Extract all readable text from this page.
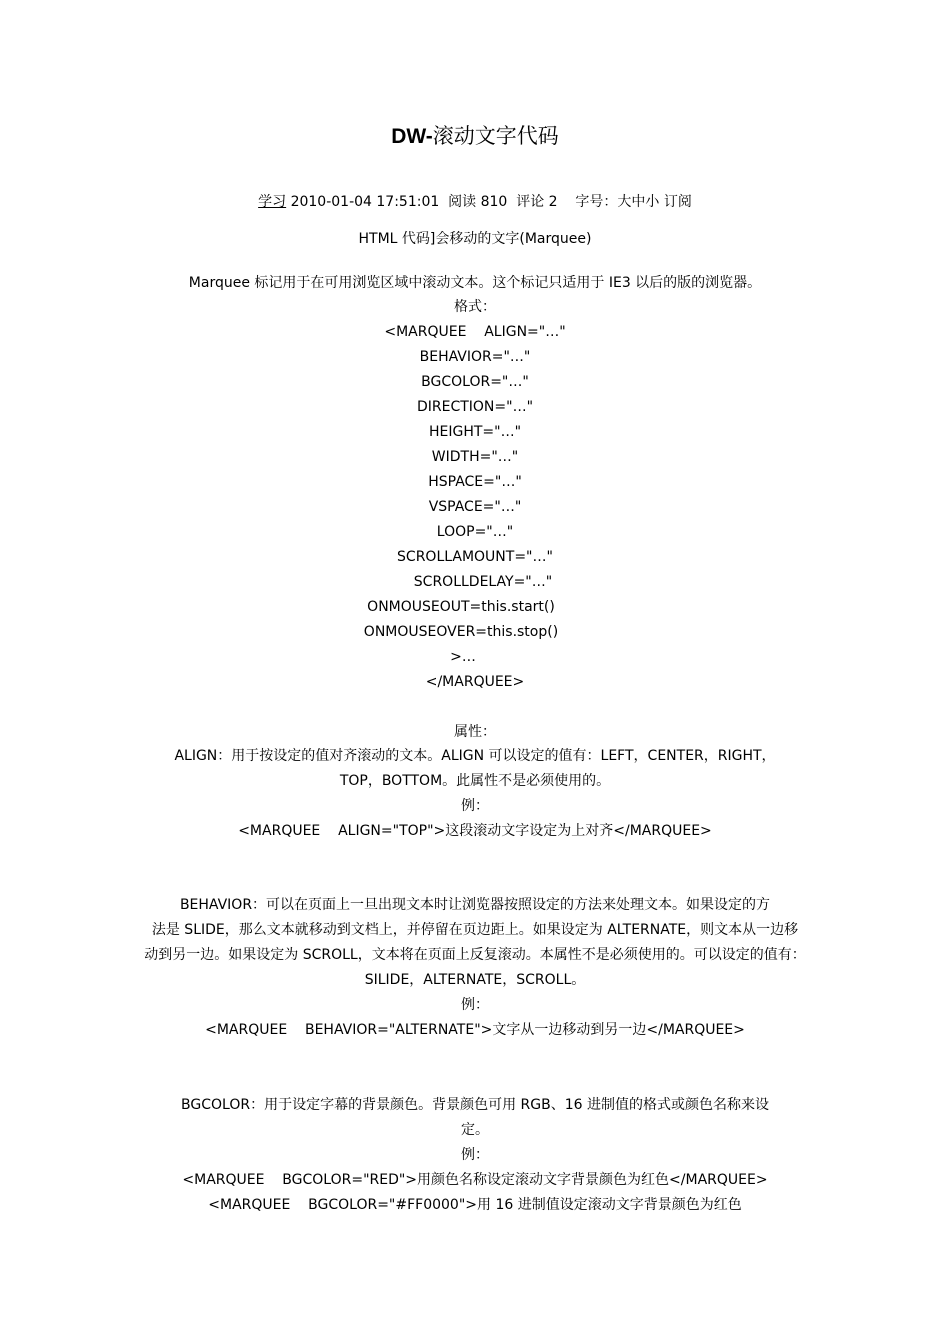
DW-滚动文字代码
学习 2010-01-04 17:51:01  阅读 810  评论 2    字号：大中小 订阅
HTML 代码]会移动的文字(Marquee)
Marquee 标记用于在可用浏览区域中滚动文本。这个标记只适用于 IE3 以后的版的浏览器。
格式：
<MARQUEE    ALIGN="…"
BEHAVIOR="…"
BGCOLOR="…"
DIRECTION="…"
HEIGHT="…"
WIDTH="…"
HSPACE="…"
VSPACE="…"
LOOP="…"
SCROLLAMOUNT="…"
SCROLLDELAY="…"
ONMOUSEOUT=this.start()
ONMOUSEOVER=this.stop()
>…
</MARQUEE>
属性：
ALIGN：用于按设定的值对齐滚动的文本。ALIGN 可以设定的值有：LEFT，CENTER，RIGHT，
TOP，BOTTOM。此属性不是必须使用的。
例：
<MARQUEE    ALIGN="TOP">这段滚动文字设定为上对齐</MARQUEE>
BEHAVIOR：可以在页面上一旦出现文本时让浏览器按照设定的方法来处理文本。如果设定的方
法是 SLIDE，那么文本就移动到文档上，并停留在页边距上。如果设定为 ALTERNATE，则文本从一边移
动到另一边。如果设定为 SCROLL，文本将在页面上反复滚动。本属性不是必须使用的。可以设定的值有：
SILIDE，ALTERNATE，SCROLL。
例：
<MARQUEE    BEHAVIOR="ALTERNATE">文字从一边移动到另一边</MARQUEE>
BGCOLOR：用于设定字幕的背景颜色。背景颜色可用 RGB、16 进制值的格式或颜色名称来设
定。
例：
<MARQUEE    BGCOLOR="RED">用颜色名称设定滚动文字背景颜色为红色</MARQUEE>
<MARQUEE    BGCOLOR="#FF0000">用 16 进制值设定滚动文字背景颜色为红色
